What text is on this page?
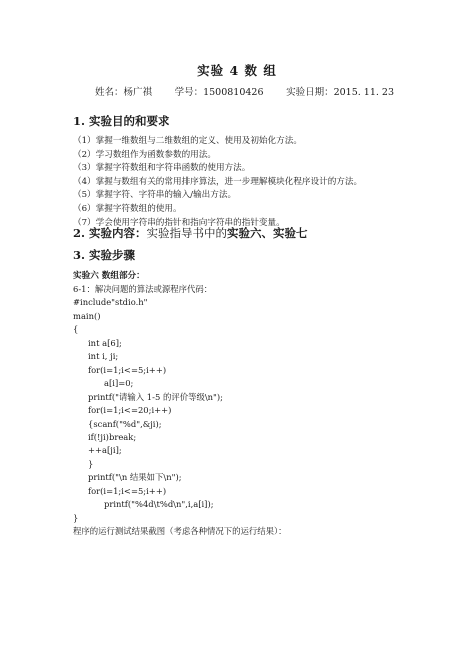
实验 4 数 组
姓名：杨广祺 学号：1500810426 实验日期：2015. 11. 23
1. 实验目的和要求
（1）掌握一维数组与二维数组的定义、使用及初始化方法。
（2）学习数组作为函数参数的用法。
（3）掌握字符数组和字符串函数的使用方法。
（4）掌握与数组有关的常用排序算法，进一步理解模块化程序设计的方法。
（5）掌握字符、字符串的输入/输出方法。
（6）掌握字符数组的使用。
（7）学会使用字符串的指针和指向字符串的指针变量。
2. 实验内容：实验指导书中的实验六、实验七
3. 实验步骤
实验六 数组部分：
6-1：解决问题的算法或源程序代码：
#include"stdio.h"
main()
{
int a[6];
int i, ji;
for(i=1;i<=5;i++)
a[i]=0;
printf("请输入 1-5 的评价等级\n");
for(i=1;i<=20;i++)
{scanf("%d",&ji);
if(!ji)break;
++a[ji];
}
printf("\n 结果如下\n");
for(i=1;i<=5;i++)
printf("%4d\t%d\n",i,a[i]);
}
程序的运行测试结果截图（考虑各种情况下的运行结果）：
